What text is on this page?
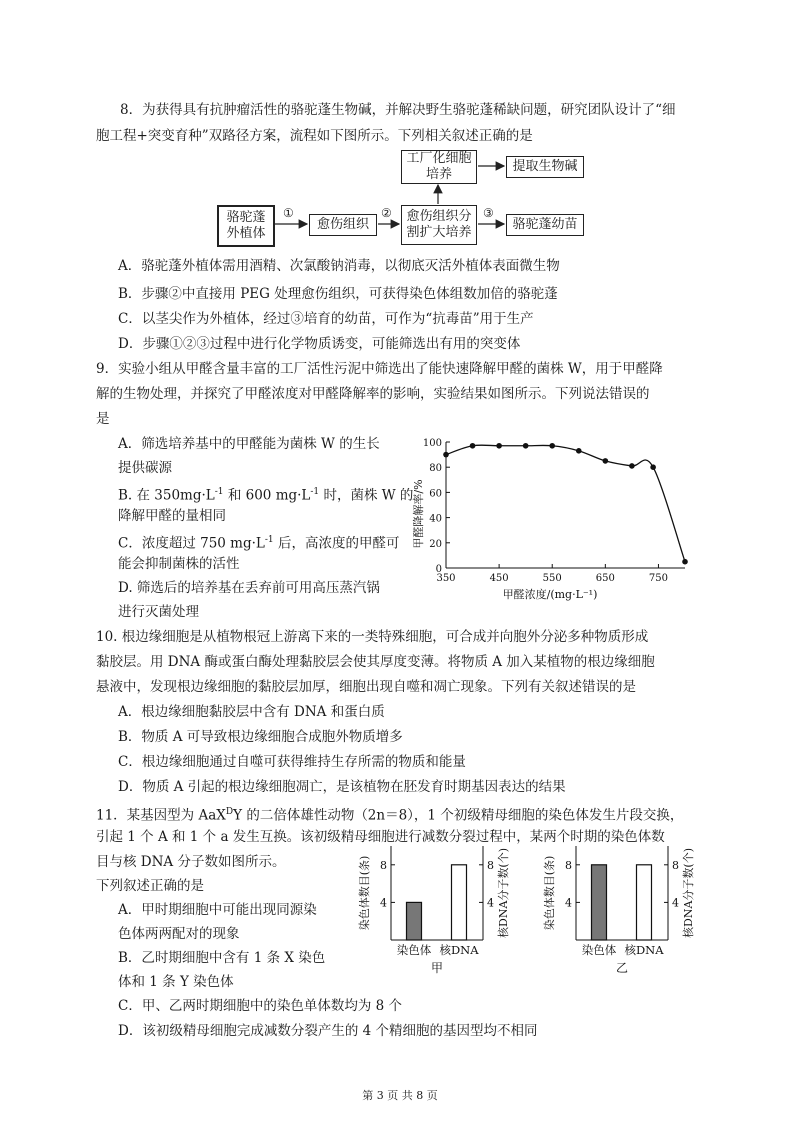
8．为获得具有抗肿瘤活性的骆驼蓬生物碱，并解决野生骆驼蓬稀缺问题，研究团队设计了“细
胞工程+突变育种”双路径方案，流程如下图所示。下列相关叙述正确的是
骆驼蓬
外植体
愈伤组织
愈伤组织分
割扩大培养
骆驼蓬幼苗
工厂化细胞
培养
提取生物碱
①	②	③
A．骆驼蓬外植体需用酒精、次氯酸钠消毒，以彻底灭活外植体表面微生物
B．步骤②中直接用 PEG 处理愈伤组织，可获得染色体组数加倍的骆驼蓬
C．以茎尖作为外植体，经过③培育的幼苗，可作为“抗毒苗”用于生产
D．步骤①②③过程中进行化学物质诱变，可能筛选出有用的突变体
9．实验小组从甲醛含量丰富的工厂活性污泥中筛选出了能快速降解甲醛的菌株 W，用于甲醛降
解的生物处理，并探究了甲醛浓度对甲醛降解率的影响，实验结果如图所示。下列说法错误的
是
A．筛选培养基中的甲醛能为菌株 W 的生长
提供碳源
B. 在 $350mg\cdot L^{-1}$ 和 600 $mg\cdot L^{-1}$ 时，菌株 W 的
降解甲醛的量相同
C．浓度超过 750 $mg\cdot L^{-1}$ 后，高浓度的甲醛可
能会抑制菌株的活性
D. 筛选后的培养基在丢弃前可用高压蒸汽锅
进行灭菌处理
0
20
40
60
80
100
350	450	550	650	750
甲醛降解率/%
甲醛浓度/(mg·L⁻¹)
10. 根边缘细胞是从植物根冠上游离下来的一类特殊细胞，可合成并向胞外分泌多种物质形成
黏胶层。用 DNA 酶或蛋白酶处理黏胶层会使其厚度变薄。将物质 A 加入某植物的根边缘细胞
悬液中，发现根边缘细胞的黏胶层加厚，细胞出现自噬和凋亡现象。下列有关叙述错误的是
A．根边缘细胞黏胶层中含有 DNA 和蛋白质
B．物质 A 可导致根边缘细胞合成胞外物质增多
C．根边缘细胞通过自噬可获得维持生存所需的物质和能量
D．物质 A 引起的根边缘细胞凋亡，是该植物在胚发育时期基因表达的结果
11．某基因型为 AaX$^D$Y 的二倍体雄性动物（2n＝8），1 个初级精母细胞的染色体发生片段交换，
引起 1 个 A 和 1 个 a 发生互换。该初级精母细胞进行减数分裂过程中，某两个时期的染色体数
目与核 DNA 分子数如图所示。
下列叙述正确的是
A．甲时期细胞中可能出现同源染
色体两两配对的现象
B．乙时期细胞中含有 1 条 X 染色
体和 1 条 Y 染色体
C．甲、乙两时期细胞中的染色单体数均为 8 个
D．该初级精母细胞完成减数分裂产生的 4 个精细胞的基因型均不相同
4	4
8	8
染色体 核DNA
染色体数目(条)	核DNA分子数(个)
甲
4	4
8	8
染色体 核DNA
染色体数目(条)	核DNA分子数(个)
乙
第 3 页 共 8 页
